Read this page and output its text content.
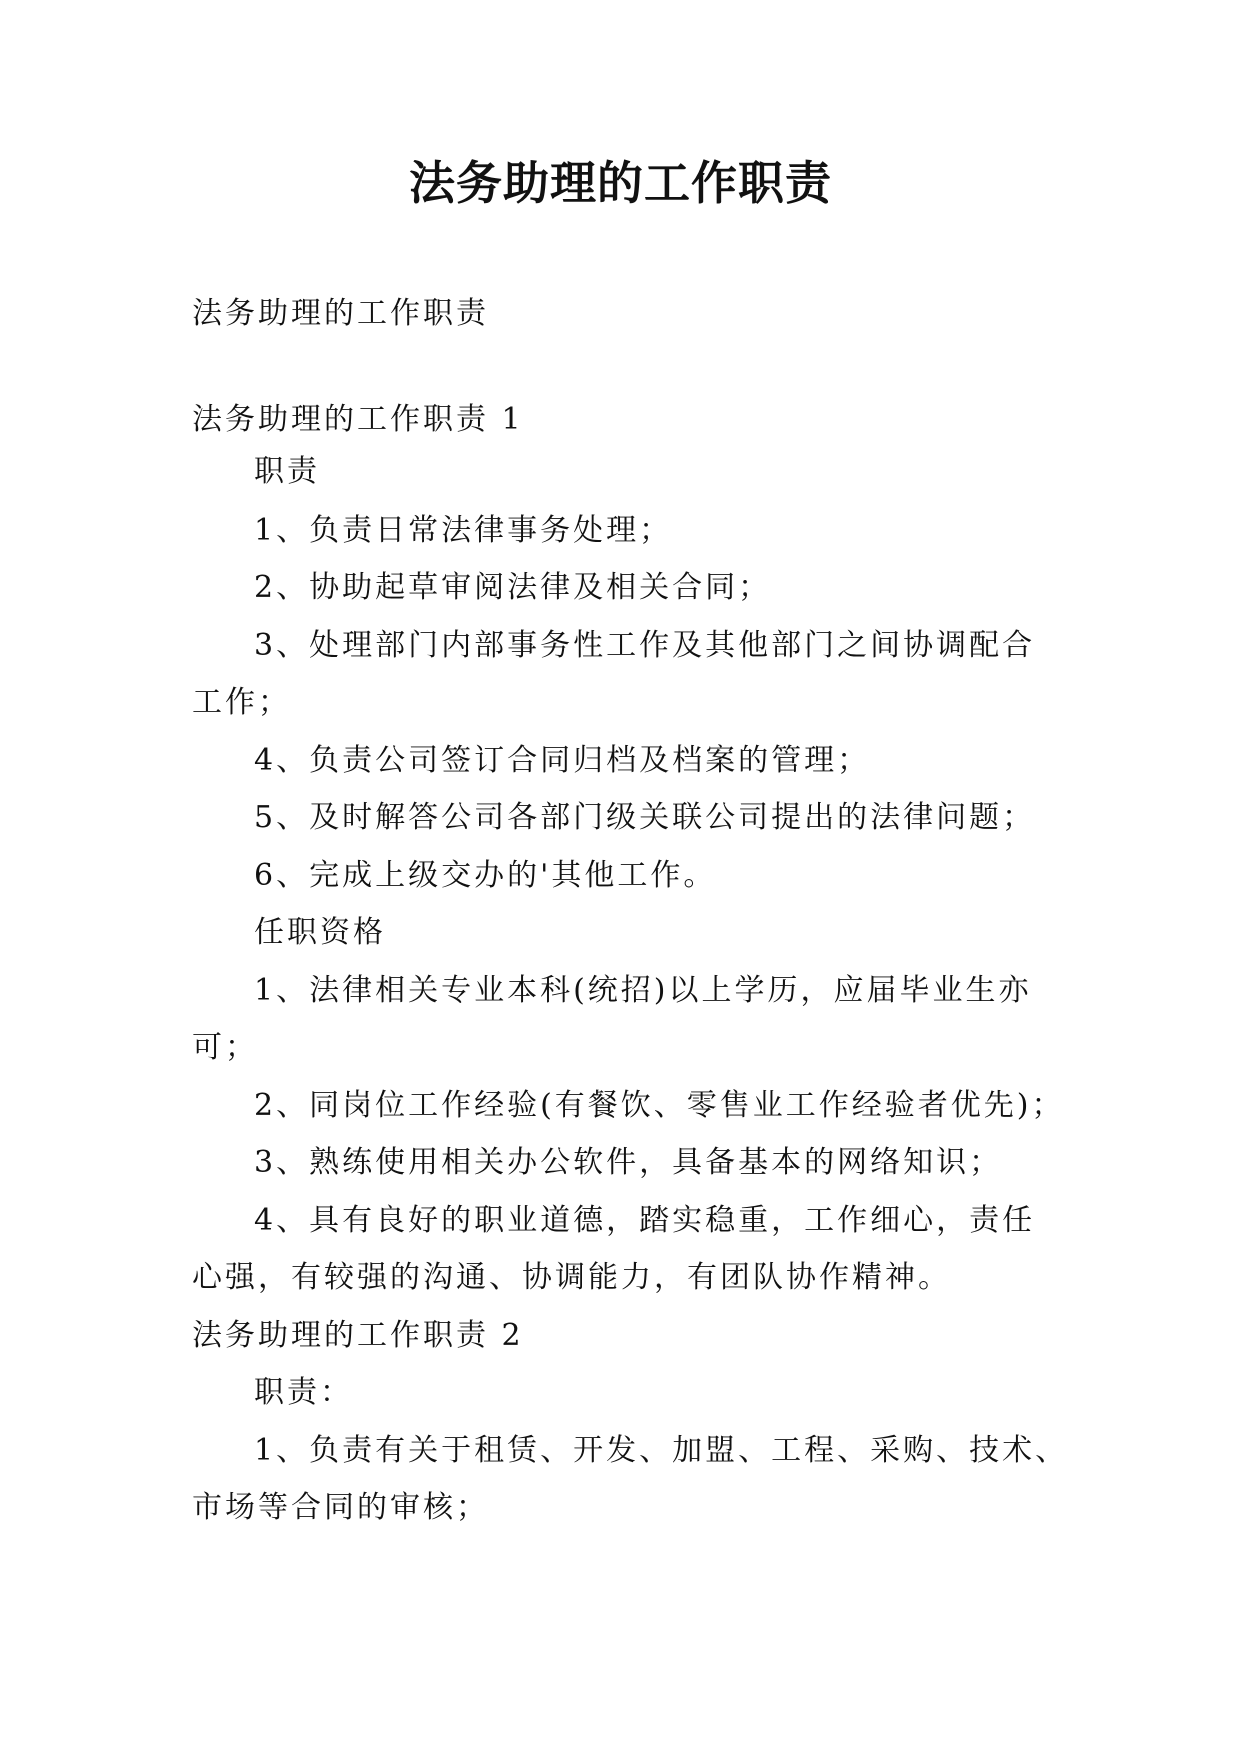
法务助理的工作职责
法务助理的工作职责
法务助理的工作职责 1
职责
1、负责日常法律事务处理；
2、协助起草审阅法律及相关合同；
3、处理部门内部事务性工作及其他部门之间协调配合
工作；
4、负责公司签订合同归档及档案的管理；
5、及时解答公司各部门级关联公司提出的法律问题；
6、完成上级交办的'其他工作。
任职资格
1、法律相关专业本科(统招)以上学历，应届毕业生亦
可；
2、同岗位工作经验(有餐饮、零售业工作经验者优先)；
3、熟练使用相关办公软件，具备基本的网络知识；
4、具有良好的职业道德，踏实稳重，工作细心，责任
心强，有较强的沟通、协调能力，有团队协作精神。
法务助理的工作职责 2
职责：
1、负责有关于租赁、开发、加盟、工程、采购、技术、
市场等合同的审核；
